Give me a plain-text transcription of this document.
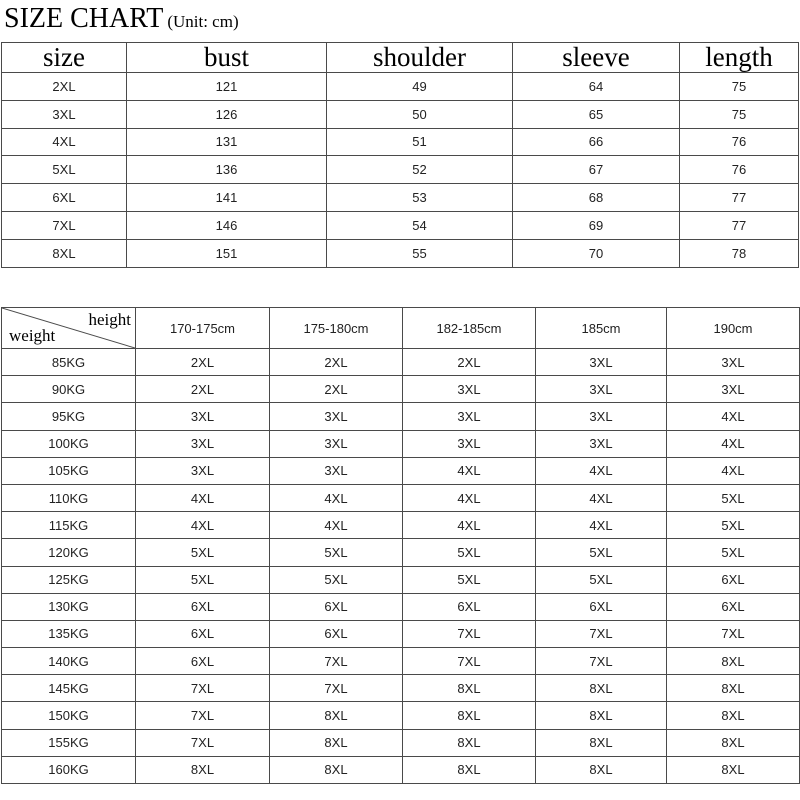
SIZE CHART (Unit: cm)
size	bust	shoulder	sleeve	length
2XL	121	49	64	75
3XL	126	50	65	75
4XL	131	51	66	76
5XL	136	52	67	76
6XL	141	53	68	77
7XL	146	54	69	77
8XL	151	55	70	78
height
weight	170-175cm	175-180cm	182-185cm	185cm	190cm
85KG	2XL	2XL	2XL	3XL	3XL
90KG	2XL	2XL	3XL	3XL	3XL
95KG	3XL	3XL	3XL	3XL	4XL
100KG	3XL	3XL	3XL	3XL	4XL
105KG	3XL	3XL	4XL	4XL	4XL
110KG	4XL	4XL	4XL	4XL	5XL
115KG	4XL	4XL	4XL	4XL	5XL
120KG	5XL	5XL	5XL	5XL	5XL
125KG	5XL	5XL	5XL	5XL	6XL
130KG	6XL	6XL	6XL	6XL	6XL
135KG	6XL	6XL	7XL	7XL	7XL
140KG	6XL	7XL	7XL	7XL	8XL
145KG	7XL	7XL	8XL	8XL	8XL
150KG	7XL	8XL	8XL	8XL	8XL
155KG	7XL	8XL	8XL	8XL	8XL
160KG	8XL	8XL	8XL	8XL	8XL
